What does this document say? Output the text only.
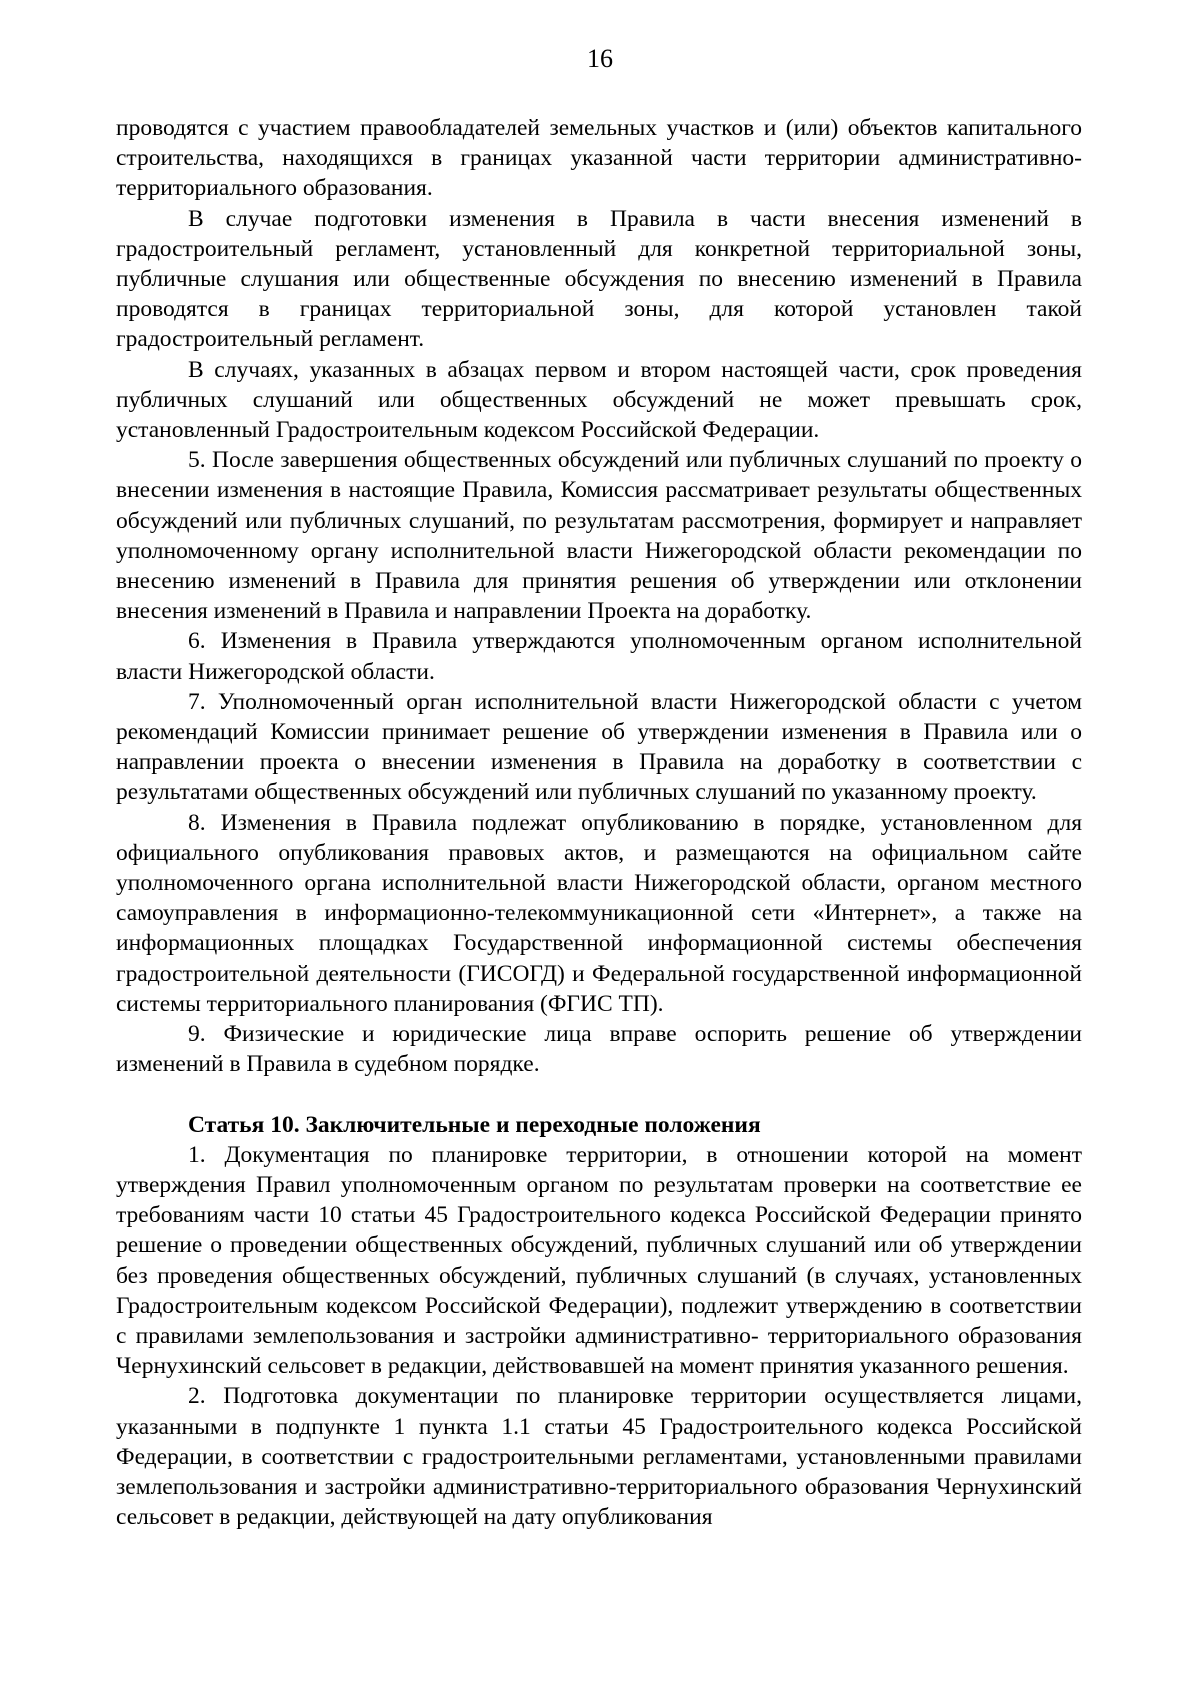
16

проводятся с участием правообладателей земельных участков и (или) объектов капитального строительства, находящихся в границах указанной части территории административно-территориального образования.

В случае подготовки изменения в Правила в части внесения изменений в градостроительный регламент, установленный для конкретной территориальной зоны, публичные слушания или общественные обсуждения по внесению изменений в Правила проводятся в границах территориальной зоны, для которой установлен такой градостроительный регламент.

В случаях, указанных в абзацах первом и втором настоящей части, срок проведения публичных слушаний или общественных обсуждений не может превышать срок, установленный Градостроительным кодексом Российской Федерации.

5. После завершения общественных обсуждений или публичных слушаний по проекту о внесении изменения в настоящие Правила, Комиссия рассматривает результаты общественных обсуждений или публичных слушаний, по результатам рассмотрения, формирует и направляет уполномоченному органу исполнительной власти Нижегородской области рекомендации по внесению изменений в Правила для принятия решения об утверждении или отклонении внесения изменений в Правила и направлении Проекта на доработку.

6. Изменения в Правила утверждаются уполномоченным органом исполнительной власти Нижегородской области.

7. Уполномоченный орган исполнительной власти Нижегородской области с учетом рекомендаций Комиссии принимает решение об утверждении изменения в Правила или о направлении проекта о внесении изменения в Правила на доработку в соответствии с результатами общественных обсуждений или публичных слушаний по указанному проекту.

8. Изменения в Правила подлежат опубликованию в порядке, установленном для официального опубликования правовых актов, и размещаются на официальном сайте уполномоченного органа исполнительной власти Нижегородской области, органом местного самоуправления в информационно-телекоммуникационной сети «Интернет», а также на информационных площадках Государственной информационной системы обеспечения градостроительной деятельности (ГИСОГД) и Федеральной государственной информационной системы территориального планирования (ФГИС ТП).

9. Физические и юридические лица вправе оспорить решение об утверждении изменений в Правила в судебном порядке.

Статья 10. Заключительные и переходные положения

1. Документация по планировке территории, в отношении которой на момент утверждения Правил уполномоченным органом по результатам проверки на соответствие ее требованиям части 10 статьи 45 Градостроительного кодекса Российской Федерации принято решение о проведении общественных обсуждений, публичных слушаний или об утверждении без проведения общественных обсуждений, публичных слушаний (в случаях, установленных Градостроительным кодексом Российской Федерации), подлежит утверждению в соответствии с правилами землепользования и застройки административно- территориального образования Чернухинский сельсовет в редакции, действовавшей на момент принятия указанного решения.

2. Подготовка документации по планировке территории осуществляется лицами, указанными в подпункте 1 пункта 1.1 статьи 45 Градостроительного кодекса Российской Федерации, в соответствии с градостроительными регламентами, установленными правилами землепользования и застройки административно-территориального образования Чернухинский сельсовет в редакции, действующей на дату опубликования
